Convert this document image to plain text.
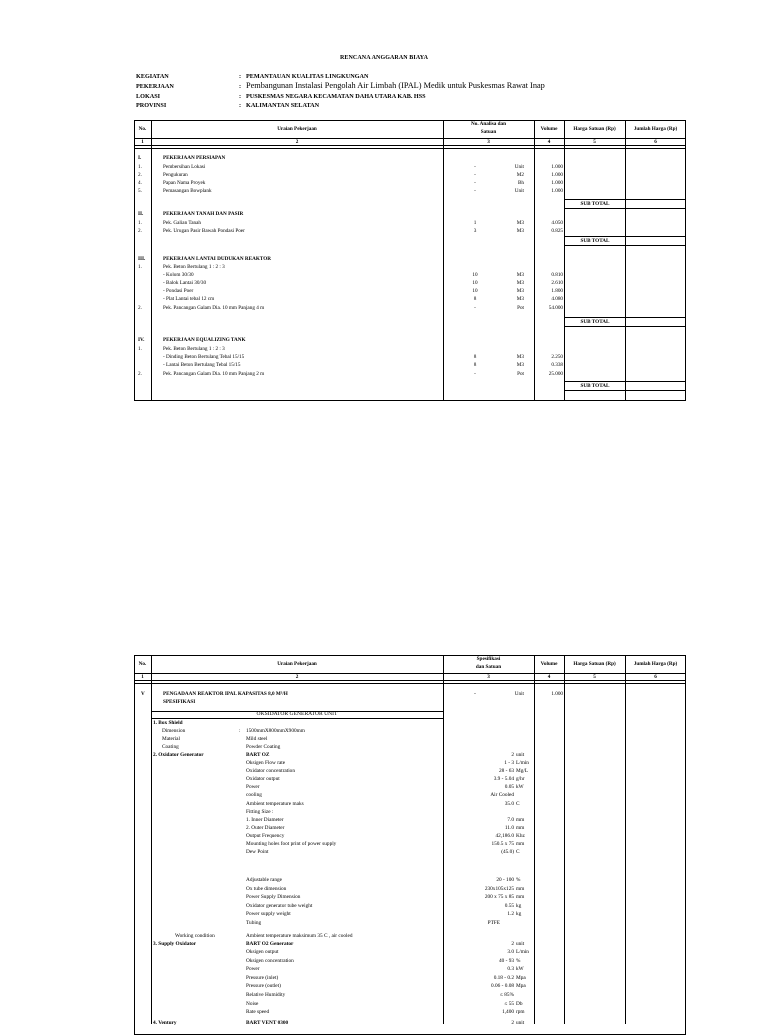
RENCANA ANGGARAN BIAYA
KEGIATAN	: PEMANTAUAN KUALITAS LINGKUNGAN
PEKERJAAN	: Pembangunan Instalasi Pengolah Air Limbah (IPAL) Medik untuk Puskesmas Rawat Inap
LOKASI	: PUSKESMAS NEGARA KECAMATAN DAHA UTARA KAB. HSS
PROVINSI	: KALIMANTAN SELATAN
No.	Uraian Pekerjaan
No. Analisa dan
Satuan	Volume	Harga Satuan (Rp)	Jumlah Harga (Rp)
1	2	3	4	5	6
I.	PEKERJAAN PERSIAPAN
1.	Pembersihan Lokasi	-	Unit	1.000
2.	Pengukuran	-	M2	1.000
4.	Papan Nama Proyek	-	Bh	1.000
5.	Pemasangan Bowplank	-	Unit	1.000
SUB TOTAL
II.	PEKERJAAN TANAH DAN PASIR
1.	Pek. Galian Tanah	1	M3	4.050
2.	Pek. Urugan Pasir Bawah Pondasi Poer	3	M3	0.825
SUB TOTAL
III.	PEKERJAAN LANTAI DUDUKAN REAKTOR
1.	Pek. Beton Bertulang 1 : 2 : 3
- Kolom 30/30	10	M3	0.810
- Balok Lantai 30/30	10	M3	2.610
- Pondasi Poer	10	M3	1.800
- Plat Lantai tebal 12 cm	8	M3	4.080
2.	Pek. Pancangan Galam Dia. 10 mm Panjang 4 m	-	Pot	54.000
SUB TOTAL
IV.	PEKERJAAN EQUALIZING TANK
1.	Pek. Beton Bertulang 1 : 2 : 3
- Dinding Beton Bertulang Tebal 15/15	8	M3	2.250
- Lantai Beton Bertulang Tebal 15/15	8	M3	0.338
2.	Pek. Pancangan Galam Dia. 10 mm Panjang 2 m	-	Pot	25.000
SUB TOTAL
No.	Uraian Pekerjaan
Spesifikasi
dan Satuan	Volume	Harga Satuan (Rp)	Jumlah Harga (Rp)
1	2	3	4	5	6
V	PENGADAAN REAKTOR IPAL KAPASITAS 8,0 M³/H	-	Unit	1.000
SPESIFIKASI
OKSIDATOR GENERATOR UNIT
1. Box Shield
Dimension	: 1500mmX800mmX900mm
Material	Mild steel
Coating	Powder Coating
2. Oxidator Generator	BART OZ	2 unit
Oksigen Flow rate	1 - 3 L/min
Oxidator concentration	28 - 63 Mg/L
Oxidator output	3.9 - 5.04 g/hr
Power	0.05 kW
cooling	Air Cooled
Ambient temperature maks	35.0 C
Fitting Size :
1. Inner Diameter	7.0 mm
2. Outer Diameter	11.0 mm
Output Frequency	42,186.0 Khz
Mounting holes foot print of power supply	150.5 x 75 mm
Dew Point	(45.0) C
Adjustable range	20 - 100 %
Ox tube dimension	230x105x125 mm
Power Supply Dimension	200 x 75 x 85 mm
Oxidator generator tube weight	0.55 kg
Power supply weight	1.2 kg
Tubing	PTFE
Working condition	Ambient temperature maksimum 35 C , air cooled
3. Supply Oxidator	BART O2 Generator	2 unit
Oksigen output	3.0 L/min
Oksigen concentration	40 - 93 %
Power	0.3 kW
Pressure (inlet)	0.18 - 0.2 Mpa
Pressure (outlet)	0.06 - 0.08 Mpa
Relative Humidity	≤ 85%
Noise	≤ 55 Db
Rate speed	1,400 rpm
4. Ventury	BART VENT 0300	2 unit
